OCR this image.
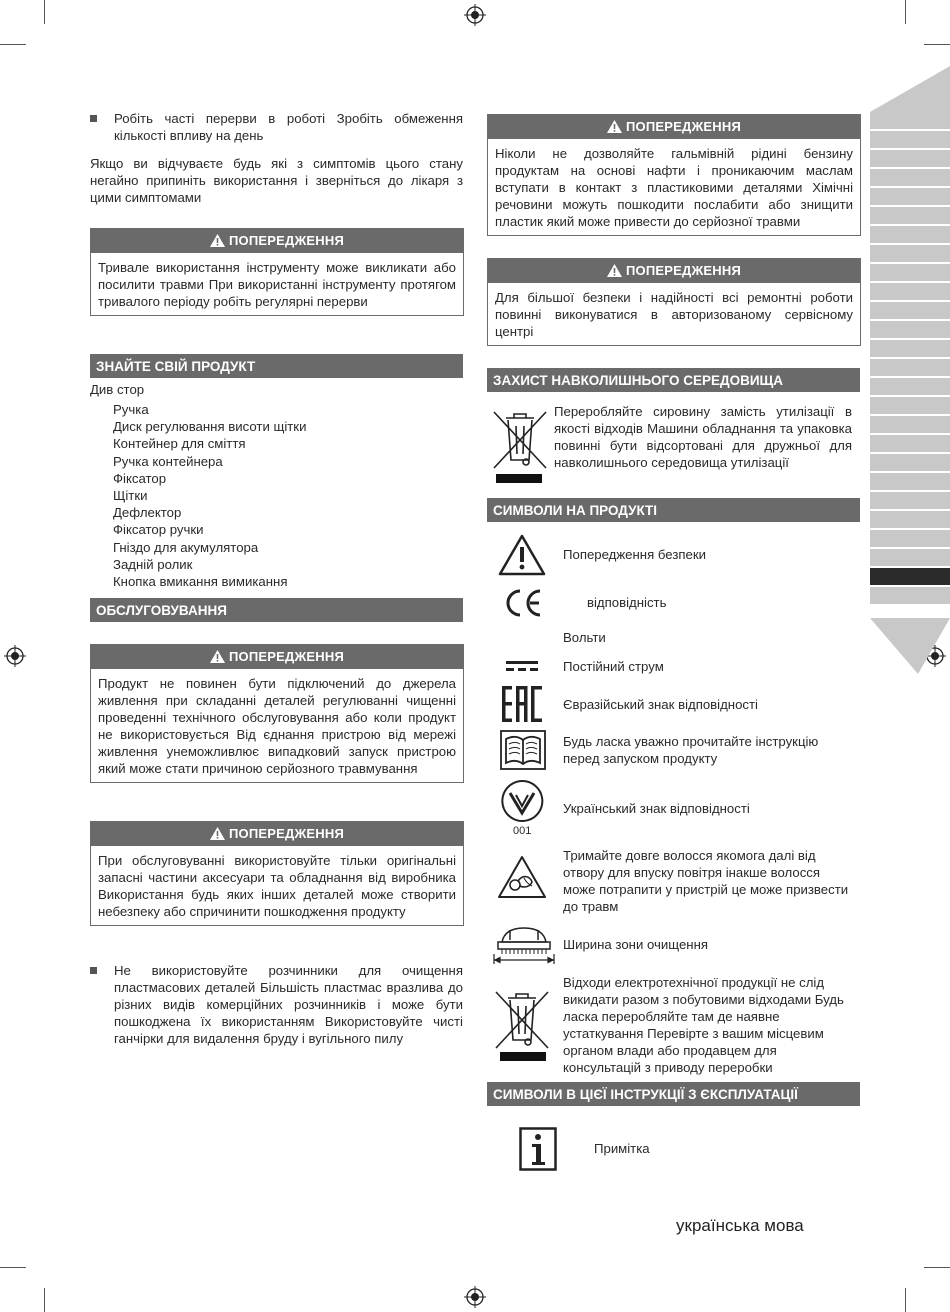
Робіть частi перерви в роботi Зробіть обмеження кількості впливу на день
Якщо ви відчуваєте будь які з симптомів цього стану негайно припиніть використання і зверніться до лікаря з цими симптомами
ПОПЕРЕДЖЕННЯ
Тривале використання інструменту може викликати або посилити травми При використанні інструменту протягом тривалого періоду робіть регулярні перерви
ЗНАЙТЕ СВІЙ ПРОДУКТ
Див стор
Ручка
Диск регулювання висоти щітки
Контейнер для сміття
Ручка контейнера
Фіксатор
Щітки
Дефлектор
Фіксатор ручки
Гніздо для акумулятора
Задній ролик
Кнопка вмикання вимикання
ОБСЛУГОВУВАННЯ
ПОПЕРЕДЖЕННЯ
Продукт не повинен бути підключений до джерела живлення при складанні деталей регулюванні чищенні проведенні технічного обслуговування або коли продукт не використовується Від єднання пристрою від мережі живлення унеможливлює випадковий запуск пристрою який може стати причиною серйозного травмування
ПОПЕРЕДЖЕННЯ
При обслуговуванні використовуйте тільки оригінальні запасні частини аксесуари та обладнання від виробника Використання будь яких інших деталей може створити небезпеку або спричинити пошкодження продукту
Не використовуйте розчинники для очищення пластмасових деталей Більшість пластмас вразлива до різних видів комерційних розчинників і може бути пошкоджена їх використанням Використовуйте чисті ганчірки для видалення бруду і вугільного пилу
ПОПЕРЕДЖЕННЯ
Ніколи не дозволяйте гальмівній рідині бензину продуктам на основі нафти і проникаючим маслам вступати в контакт з пластиковими деталями Хімічні речовини можуть пошкодити послабити або знищити пластик який може привести до серйозної травми
ПОПЕРЕДЖЕННЯ
Для більшої безпеки і надійності всі ремонтні роботи повинні виконуватися в авторизованому сервісному центрі
ЗАХИСТ НАВКОЛИШНЬОГО СЕРЕДОВИЩА
Переробляйте сировину замість утилізації в якості відходів Машини обладнання та упаковка повинні бути відсортовані для дружньої для навколишнього середовища утилізації
СИМВОЛИ НА ПРОДУКТІ
Попередження безпеки
відповідність
Вольти
Постійний струм
Євразійський знак відповідності
Будь ласка уважно прочитайте інструкцію перед запуском продукту
001
Український знак відповідності
Тримайте довге волосся якомога далі від отвору для впуску повітря інакше волосся може потрапити у пристрій це може призвести до травм
Ширина зони очищення
Відходи електротехнічної продукції не слід викидати разом з побутовими відходами Будь ласка переробляйте там де наявне устаткування Перевірте з вашим місцевим органом влади або продавцем для консультацій з приводу переробки
СИМВОЛИ В ЦІЄЇ ІНСТРУКЦІЇ З ЄКСПЛУАТАЦІЇ
Примітка
українська мова
